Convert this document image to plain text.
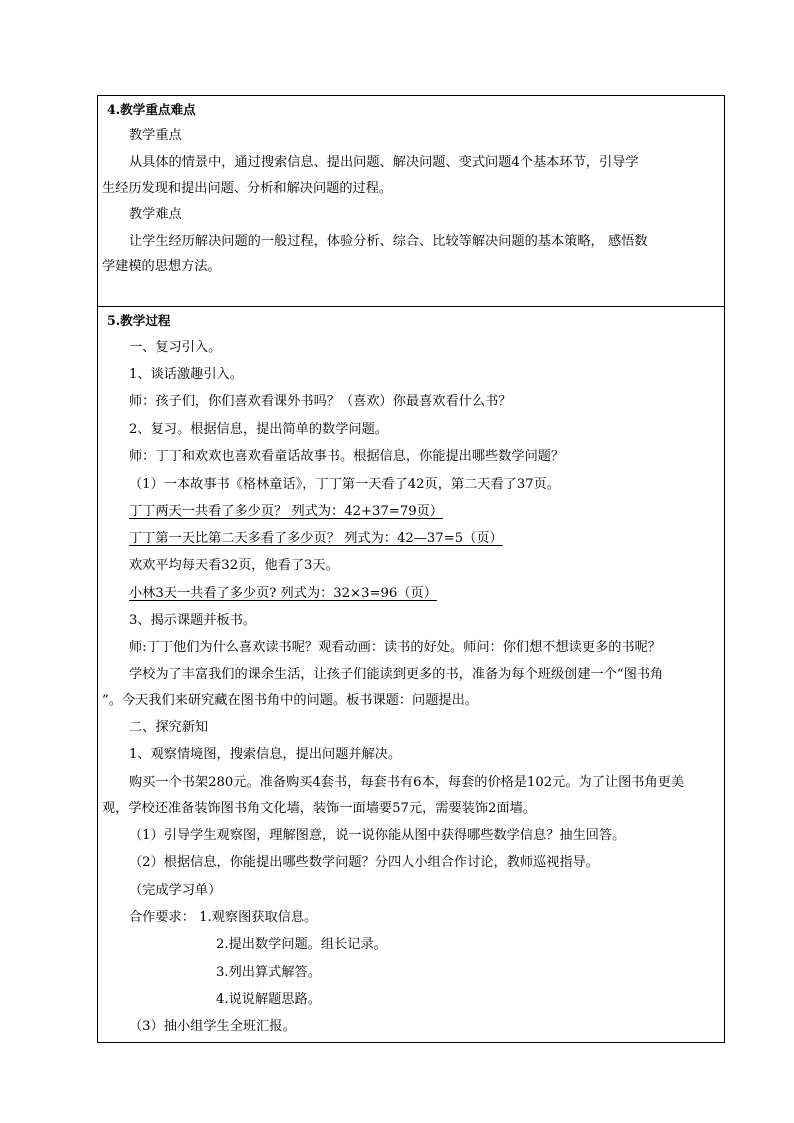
4.教学重点难点
教学重点
从具体的情景中，通过搜索信息、提出问题、解决问题、变式问题4个基本环节，引导学
生经历发现和提出问题、分析和解决问题的过程。
教学难点
让学生经历解决问题的一般过程，体验分析、综合、比较等解决问题的基本策略， 感悟数
学建模的思想方法。
5.教学过程
一、复习引入。
1、谈话激趣引入。
师：孩子们，你们喜欢看课外书吗？（喜欢）你最喜欢看什么书？
2、复习。根据信息，提出简单的数学问题。
师：丁丁和欢欢也喜欢看童话故事书。根据信息，你能提出哪些数学问题？
（1）一本故事书《格林童话》，丁丁第一天看了42页，第二天看了37页。
丁丁两天一共看了多少页？ 列式为：42+37=79页）
丁丁第一天比第二天多看了多少页？ 列式为：42—37=5（页）
欢欢平均每天看32页，他看了3天。
小林3天一共看了多少页? 列式为：32×3=96（页）
3、揭示课题并板书。
师:丁丁他们为什么喜欢读书呢？观看动画：读书的好处。师问：你们想不想读更多的书呢？
学校为了丰富我们的课余生活，让孩子们能读到更多的书，准备为每个班级创建一个“图书角
”。今天我们来研究藏在图书角中的问题。板书课题：问题提出。
二、探究新知
1、观察情境图，搜索信息，提出问题并解决。
购买一个书架280元。准备购买4套书，每套书有6本，每套的价格是102元。为了让图书角更美
观，学校还准备装饰图书角文化墙，装饰一面墙要57元，需要装饰2面墙。
（1）引导学生观察图，理解图意，说一说你能从图中获得哪些数学信息？抽生回答。
（2）根据信息，你能提出哪些数学问题？分四人小组合作讨论，教师巡视指导。
（完成学习单）
合作要求： 1.观察图获取信息。
2.提出数学问题。组长记录。
3.列出算式解答。
4.说说解题思路。
（3）抽小组学生全班汇报。
